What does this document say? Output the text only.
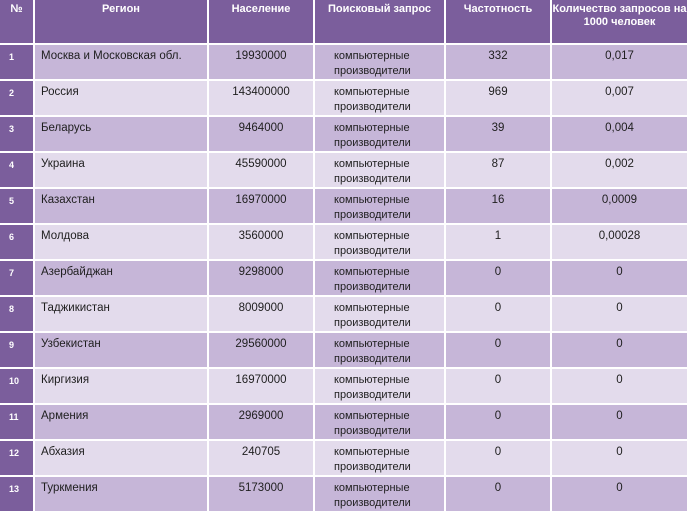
№	Регион	Население	Поисковый запрос	Частотность	Количество запросов на 1000 человек
1	Москва и Московская обл.	19930000	компьютерные производители	332	0,017
2	Россия	143400000	компьютерные производители	969	0,007
3	Беларусь	9464000	компьютерные производители	39	0,004
4	Украина	45590000	компьютерные производители	87	0,002
5	Казахстан	16970000	компьютерные производители	16	0,0009
6	Молдова	3560000	компьютерные производители	1	0,00028
7	Азербайджан	9298000	компьютерные производители	0	0
8	Таджикистан	8009000	компьютерные производители	0	0
9	Узбекистан	29560000	компьютерные производители	0	0
10	Киргизия	16970000	компьютерные производители	0	0
11	Армения	2969000	компьютерные производители	0	0
12	Абхазия	240705	компьютерные производители	0	0
13	Туркмения	5173000	компьютерные производители	0	0
